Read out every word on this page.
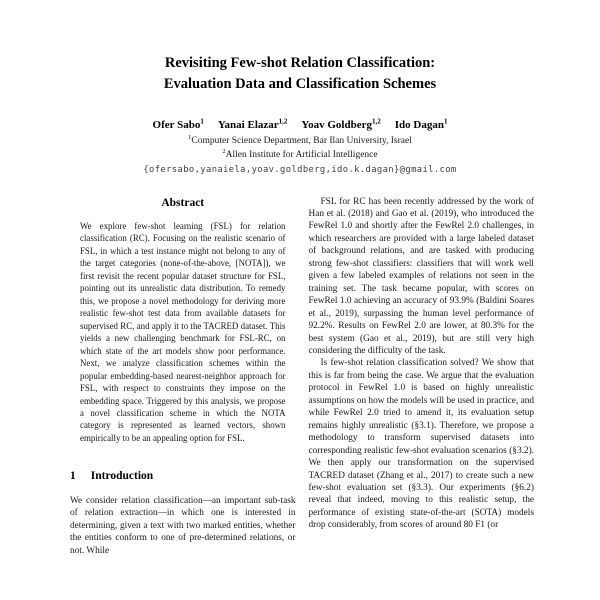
Revisiting Few-shot Relation Classification:
Evaluation Data and Classification Schemes
Ofer Sabo$^1$ Yanai Elazar$^{1,2}$ Yoav Goldberg$^{1,2}$ Ido Dagan$^1$
$^1$Computer Science Department, Bar Ilan University, Israel
$^2$Allen Institute for Artificial Intelligence
{ofersabo,yanaiela,yoav.goldberg,ido.k.dagan}@gmail.com
Abstract
We explore few-shot learning (FSL) for relation classification (RC). Focusing on the realistic scenario of FSL, in which a test instance might not belong to any of the target categories (none-of-the-above, [NOTA]), we first revisit the recent popular dataset structure for FSL, pointing out its unrealistic data distribution. To remedy this, we propose a novel methodology for deriving more realistic few-shot test data from available datasets for supervised RC, and apply it to the TACRED dataset. This yields a new challenging benchmark for FSL-RC, on which state of the art models show poor performance. Next, we analyze classification schemes within the popular embedding-based nearest-neighbor approach for FSL, with respect to constraints they impose on the embedding space. Triggered by this analysis, we propose a novel classification scheme in which the NOTA category is represented as learned vectors, shown empirically to be an appealing option for FSL.
1 Introduction

We consider relation classification—an important sub-task of relation extraction—in which one is interested in determining, given a text with two marked entities, whether the entities conform to one of pre-determined relations, or not. While

FSL for RC has been recently addressed by the work of Han et al. (2018) and Gao et al. (2019), who introduced the FewRel 1.0 and shortly after the FewRel 2.0 challenges, in which researchers are provided with a large labeled dataset of background relations, and are tasked with producing strong few-shot classifiers: classifiers that will work well given a few labeled examples of relations not seen in the training set. The task became popular, with scores on FewRel 1.0 achieving an accuracy of 93.9% (Baldini Soares et al., 2019), surpassing the human level performance of 92.2%. Results on FewRel 2.0 are lower, at 80.3% for the best system (Gao et al., 2019), but are still very high considering the difficulty of the task.

Is few-shot relation classification solved? We show that this is far from being the case. We argue that the evaluation protocol in FewRel 1.0 is based on highly unrealistic assumptions on how the models will be used in practice, and while FewRel 2.0 tried to amend it, its evaluation setup remains highly unrealistic (§3.1). Therefore, we propose a methodology to transform supervised datasets into corresponding realistic few-shot evaluation scenarios (§3.2). We then apply our transformation on the supervised TACRED dataset (Zhang et al., 2017) to create such a new few-shot evaluation set (§3.3). Our experiments (§6.2) reveal that indeed, moving to this realistic setup, the performance of existing state-of-the-art (SOTA) models drop considerably, from scores of around 80 F1 (or
